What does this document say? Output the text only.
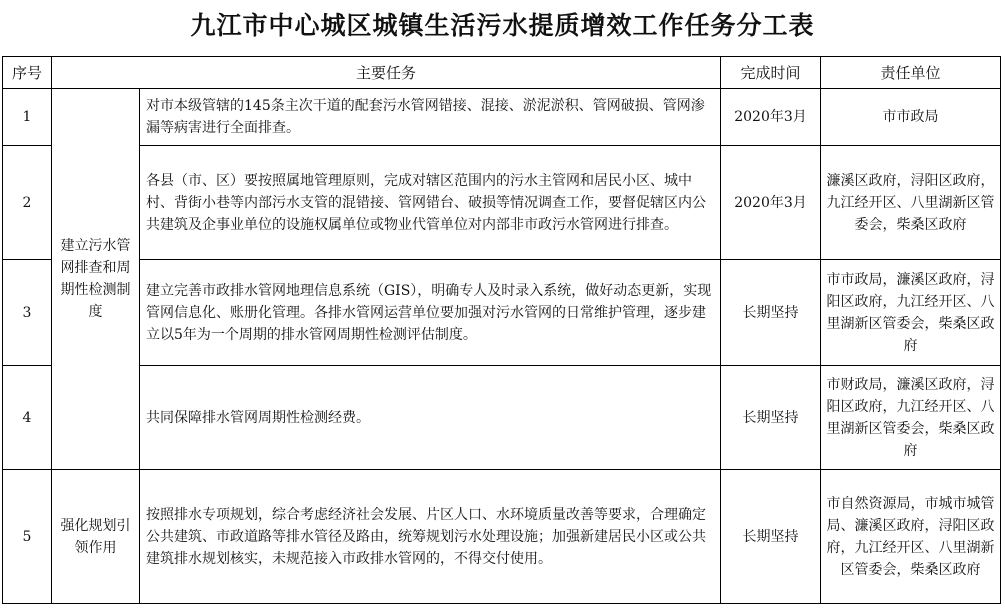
九江市中心城区城镇生活污水提质增效工作任务分工表
序号	主要任务		完成时间	责任单位
1	建立污水管网排查和周期性检测制度	对市本级管辖的145条主次干道的配套污水管网错接、混接、淤泥淤积、管网破损、管网渗漏等病害进行全面排查。	2020年3月	市市政局
2		各县（市、区）要按照属地管理原则，完成对辖区范围内的污水主管网和居民小区、城中村、背街小巷等内部污水支管的混错接、管网错台、破损等情况调查工作，要督促辖区内公共建筑及企事业单位的设施权属单位或物业代管单位对内部非市政污水管网进行排查。	2020年3月	濂溪区政府，浔阳区政府，九江经开区、八里湖新区管委会，柴桑区政府
3		建立完善市政排水管网地理信息系统（GIS），明确专人及时录入系统，做好动态更新，实现管网信息化、账册化管理。各排水管网运营单位要加强对污水管网的日常维护管理，逐步建立以5年为一个周期的排水管网周期性检测评估制度。	长期坚持	市市政局，濂溪区政府，浔阳区政府，九江经开区、八里湖新区管委会，柴桑区政府
4		共同保障排水管网周期性检测经费。	长期坚持	市财政局，濂溪区政府，浔阳区政府，九江经开区、八里湖新区管委会，柴桑区政府
5	强化规划引领作用	按照排水专项规划，综合考虑经济社会发展、片区人口、水环境质量改善等要求，合理确定公共建筑、市政道路等排水管径及路由，统筹规划污水处理设施；加强新建居民小区或公共建筑排水规划核实，未规范接入市政排水管网的，不得交付使用。	长期坚持	市自然资源局，市城市城管局、濂溪区政府，浔阳区政府，九江经开区、八里湖新区管委会，柴桑区政府
